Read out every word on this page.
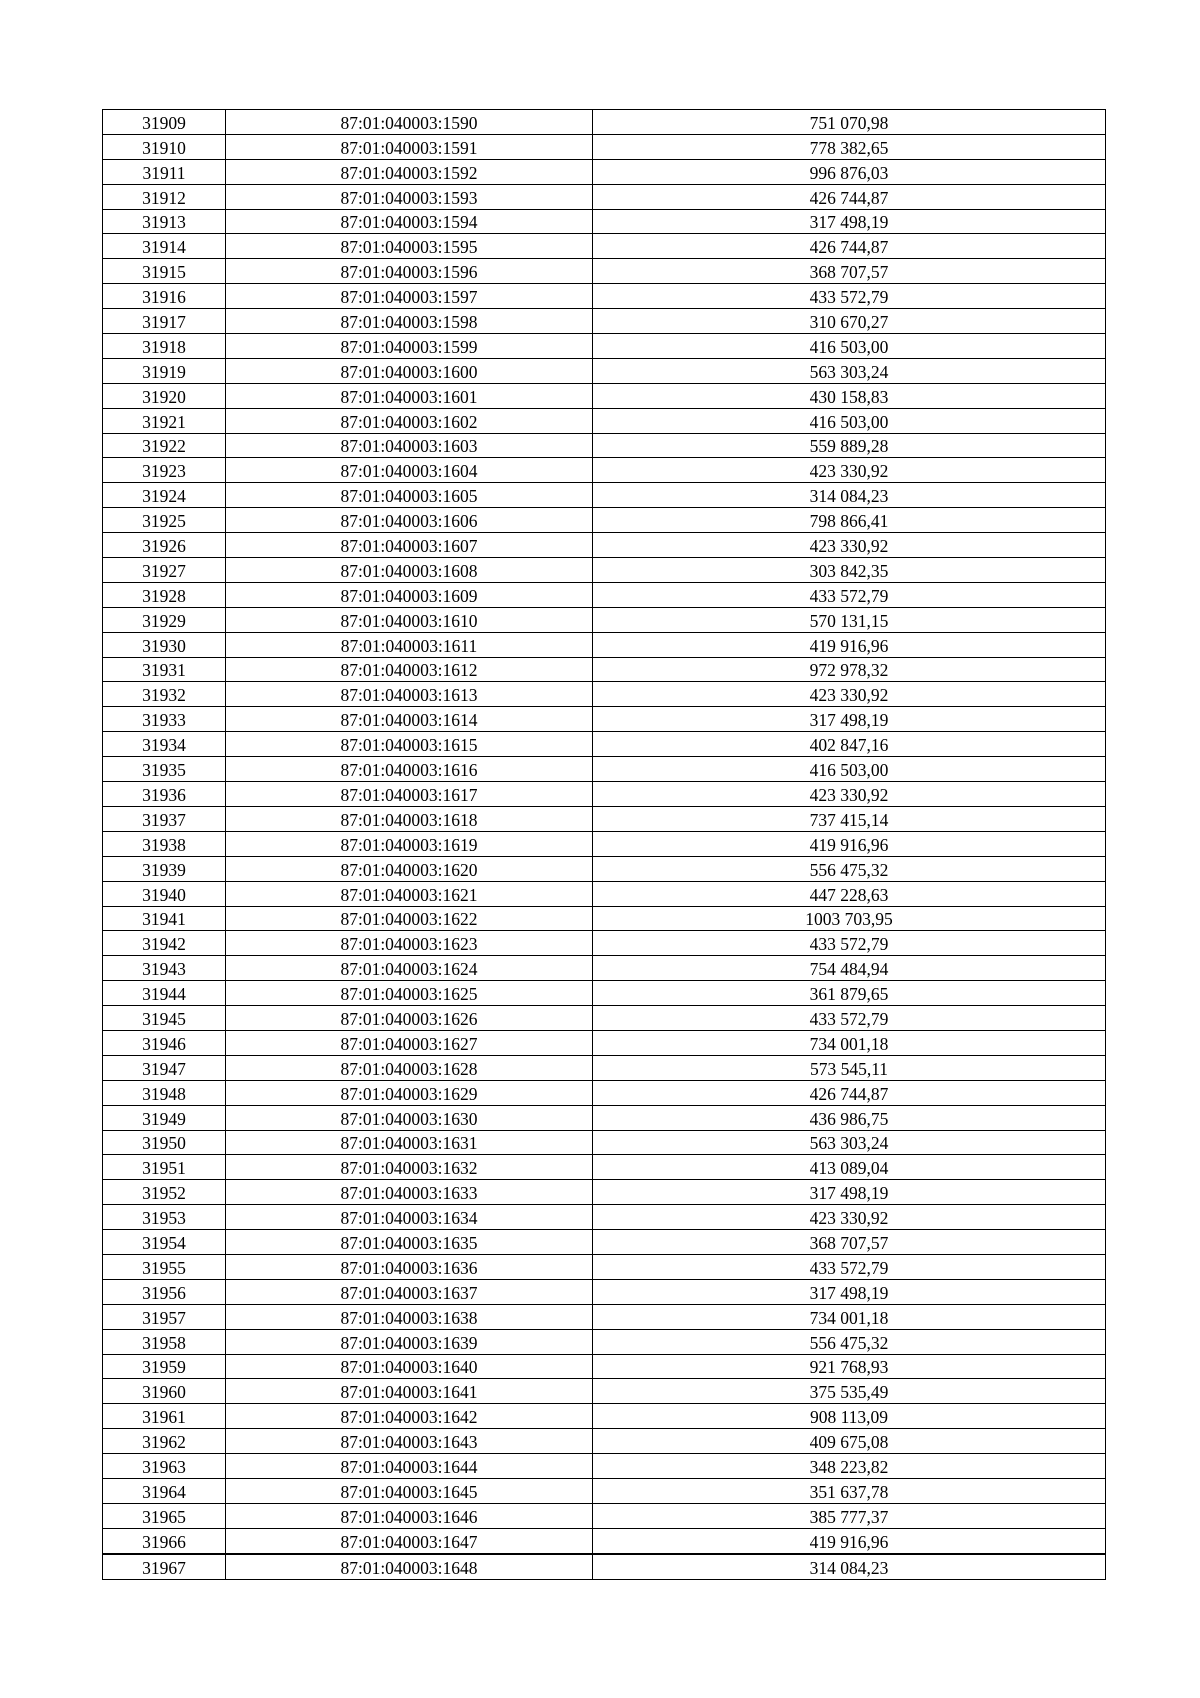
31909	87:01:040003:1590	751 070,98
31910	87:01:040003:1591	778 382,65
31911	87:01:040003:1592	996 876,03
31912	87:01:040003:1593	426 744,87
31913	87:01:040003:1594	317 498,19
31914	87:01:040003:1595	426 744,87
31915	87:01:040003:1596	368 707,57
31916	87:01:040003:1597	433 572,79
31917	87:01:040003:1598	310 670,27
31918	87:01:040003:1599	416 503,00
31919	87:01:040003:1600	563 303,24
31920	87:01:040003:1601	430 158,83
31921	87:01:040003:1602	416 503,00
31922	87:01:040003:1603	559 889,28
31923	87:01:040003:1604	423 330,92
31924	87:01:040003:1605	314 084,23
31925	87:01:040003:1606	798 866,41
31926	87:01:040003:1607	423 330,92
31927	87:01:040003:1608	303 842,35
31928	87:01:040003:1609	433 572,79
31929	87:01:040003:1610	570 131,15
31930	87:01:040003:1611	419 916,96
31931	87:01:040003:1612	972 978,32
31932	87:01:040003:1613	423 330,92
31933	87:01:040003:1614	317 498,19
31934	87:01:040003:1615	402 847,16
31935	87:01:040003:1616	416 503,00
31936	87:01:040003:1617	423 330,92
31937	87:01:040003:1618	737 415,14
31938	87:01:040003:1619	419 916,96
31939	87:01:040003:1620	556 475,32
31940	87:01:040003:1621	447 228,63
31941	87:01:040003:1622	1003 703,95
31942	87:01:040003:1623	433 572,79
31943	87:01:040003:1624	754 484,94
31944	87:01:040003:1625	361 879,65
31945	87:01:040003:1626	433 572,79
31946	87:01:040003:1627	734 001,18
31947	87:01:040003:1628	573 545,11
31948	87:01:040003:1629	426 744,87
31949	87:01:040003:1630	436 986,75
31950	87:01:040003:1631	563 303,24
31951	87:01:040003:1632	413 089,04
31952	87:01:040003:1633	317 498,19
31953	87:01:040003:1634	423 330,92
31954	87:01:040003:1635	368 707,57
31955	87:01:040003:1636	433 572,79
31956	87:01:040003:1637	317 498,19
31957	87:01:040003:1638	734 001,18
31958	87:01:040003:1639	556 475,32
31959	87:01:040003:1640	921 768,93
31960	87:01:040003:1641	375 535,49
31961	87:01:040003:1642	908 113,09
31962	87:01:040003:1643	409 675,08
31963	87:01:040003:1644	348 223,82
31964	87:01:040003:1645	351 637,78
31965	87:01:040003:1646	385 777,37
31966	87:01:040003:1647	419 916,96
31967	87:01:040003:1648	314 084,23
